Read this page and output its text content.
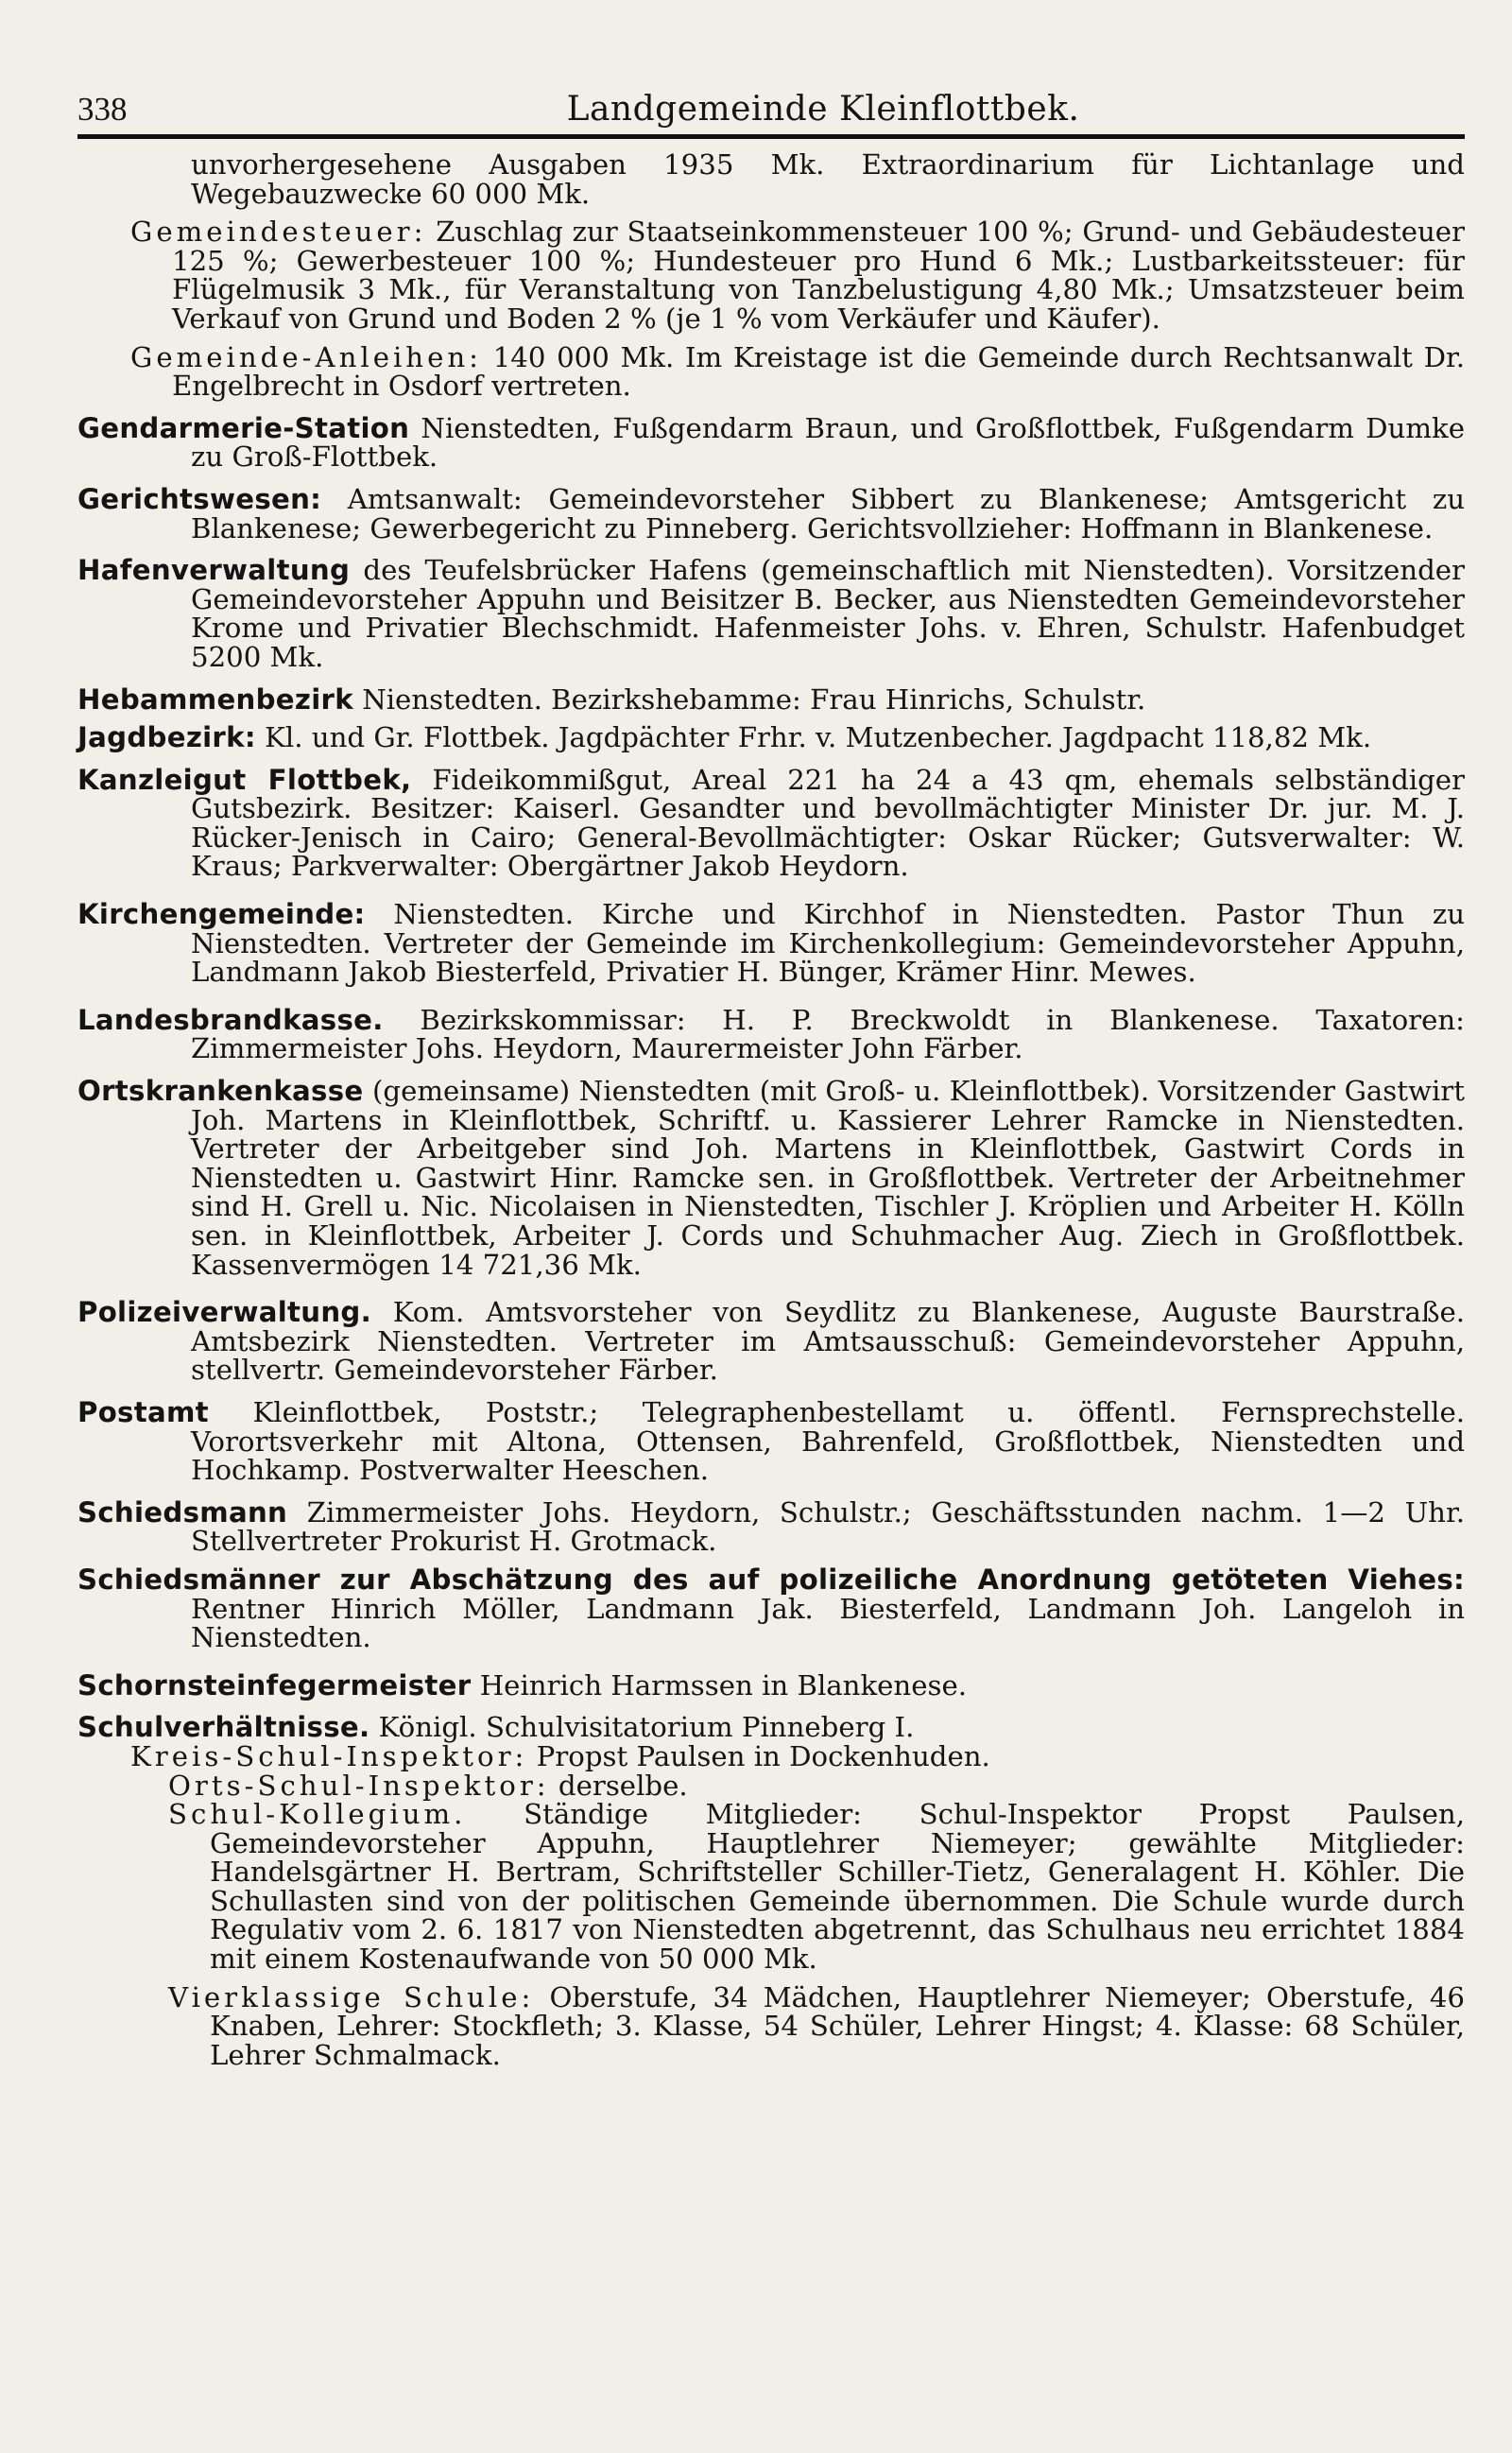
338	Landgemeinde Kleinflottbek.

unvorhergesehene Ausgaben 1935 Mk. Extraordinarium für Lichtanlage und Wegebauzwecke 60 000 Mk.

Gemeindesteuer: Zuschlag zur Staatseinkommensteuer 100 %; Grund- und Gebäudesteuer 125 %; Gewerbesteuer 100 %; Hundesteuer pro Hund 6 Mk.; Lustbarkeitssteuer: für Flügelmusik 3 Mk., für Veranstaltung von Tanzbelustigung 4,80 Mk.; Umsatzsteuer beim Verkauf von Grund und Boden 2 % (je 1 % vom Verkäufer und Käufer).

Gemeinde-Anleihen: 140 000 Mk. Im Kreistage ist die Gemeinde durch Rechtsanwalt Dr. Engelbrecht in Osdorf vertreten.

Gendarmerie-Station Nienstedten, Fußgendarm Braun, und Großflottbek, Fußgendarm Dumke zu Groß-Flottbek.

Gerichtswesen: Amtsanwalt: Gemeindevorsteher Sibbert zu Blankenese; Amtsgericht zu Blankenese; Gewerbegericht zu Pinneberg. Gerichtsvollzieher: Hoffmann in Blankenese.

Hafenverwaltung des Teufelsbrücker Hafens (gemeinschaftlich mit Nienstedten). Vorsitzender Gemeindevorsteher Appuhn und Beisitzer B. Becker, aus Nienstedten Gemeindevorsteher Krome und Privatier Blechschmidt. Hafenmeister Johs. v. Ehren, Schulstr. Hafenbudget 5200 Mk.

Hebammenbezirk Nienstedten. Bezirkshebamme: Frau Hinrichs, Schulstr.

Jagdbezirk: Kl. und Gr. Flottbek. Jagdpächter Frhr. v. Mutzenbecher. Jagdpacht 118,82 Mk.

Kanzleigut Flottbek, Fideikommißgut, Areal 221 ha 24 a 43 qm, ehemals selbständiger Gutsbezirk. Besitzer: Kaiserl. Gesandter und bevollmächtigter Minister Dr. jur. M. J. Rücker-Jenisch in Cairo; General-Bevollmächtigter: Oskar Rücker; Gutsverwalter: W. Kraus; Parkverwalter: Obergärtner Jakob Heydorn.

Kirchengemeinde: Nienstedten. Kirche und Kirchhof in Nienstedten. Pastor Thun zu Nienstedten. Vertreter der Gemeinde im Kirchenkollegium: Gemeindevorsteher Appuhn, Landmann Jakob Biesterfeld, Privatier H. Bünger, Krämer Hinr. Mewes.

Landesbrandkasse. Bezirkskommissar: H. P. Breckwoldt in Blankenese. Taxatoren: Zimmermeister Johs. Heydorn, Maurermeister John Färber.

Ortskrankenkasse (gemeinsame) Nienstedten (mit Groß- u. Kleinflottbek). Vorsitzender Gastwirt Joh. Martens in Kleinflottbek, Schriftf. u. Kassierer Lehrer Ramcke in Nienstedten. Vertreter der Arbeitgeber sind Joh. Martens in Kleinflottbek, Gastwirt Cords in Nienstedten u. Gastwirt Hinr. Ramcke sen. in Großflottbek. Vertreter der Arbeitnehmer sind H. Grell u. Nic. Nicolaisen in Nienstedten, Tischler J. Kröplien und Arbeiter H. Kölln sen. in Kleinflottbek, Arbeiter J. Cords und Schuhmacher Aug. Ziech in Großflottbek. Kassenvermögen 14 721,36 Mk.

Polizeiverwaltung. Kom. Amtsvorsteher von Seydlitz zu Blankenese, Auguste Baurstraße. Amtsbezirk Nienstedten. Vertreter im Amtsausschuß: Gemeindevorsteher Appuhn, stellvertr. Gemeindevorsteher Färber.

Postamt Kleinflottbek, Poststr.; Telegraphenbestellamt u. öffentl. Fernsprechstelle. Vorortsverkehr mit Altona, Ottensen, Bahrenfeld, Großflottbek, Nienstedten und Hochkamp. Postverwalter Heeschen.

Schiedsmann Zimmermeister Johs. Heydorn, Schulstr.; Geschäftsstunden nachm. 1—2 Uhr. Stellvertreter Prokurist H. Grotmack.

Schiedsmänner zur Abschätzung des auf polizeiliche Anordnung getöteten Viehes: Rentner Hinrich Möller, Landmann Jak. Biesterfeld, Landmann Joh. Langeloh in Nienstedten.

Schornsteinfegermeister Heinrich Harmssen in Blankenese.

Schulverhältnisse. Königl. Schulvisitatorium Pinneberg I.

Kreis-Schul-Inspektor: Propst Paulsen in Dockenhuden.

Orts-Schul-Inspektor: derselbe.

Schul-Kollegium. Ständige Mitglieder: Schul-Inspektor Propst Paulsen, Gemeindevorsteher Appuhn, Hauptlehrer Niemeyer; gewählte Mitglieder: Handelsgärtner H. Bertram, Schriftsteller Schiller-Tietz, Generalagent H. Köhler. Die Schullasten sind von der politischen Gemeinde übernommen. Die Schule wurde durch Regulativ vom 2. 6. 1817 von Nienstedten abgetrennt, das Schulhaus neu errichtet 1884 mit einem Kostenaufwande von 50 000 Mk.

Vierklassige Schule: Oberstufe, 34 Mädchen, Hauptlehrer Niemeyer; Oberstufe, 46 Knaben, Lehrer: Stockfleth; 3. Klasse, 54 Schüler, Lehrer Hingst; 4. Klasse: 68 Schüler, Lehrer Schmalmack.
